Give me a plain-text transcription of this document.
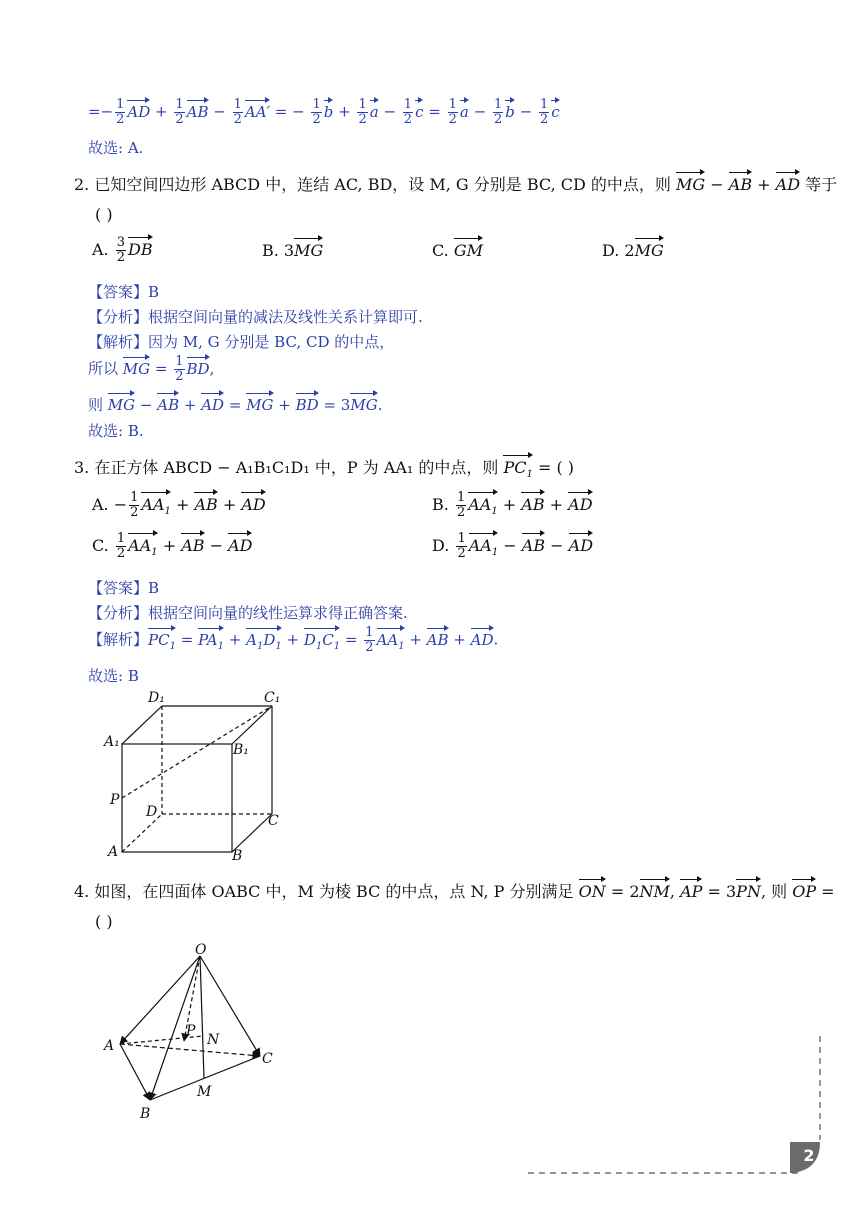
=− $\frac{1}{2}$ AD + $\frac{1}{2}$ AB − $\frac{1}{2} AA'$ = − $\frac{1}{2}$ $b + \frac{1}{2}$ $a - \frac{1}{2}$ $c = \frac{1}{2}$ $a - \frac{1}{2}$ $b - \frac{1}{2}$ c
故选: A.
2. 已知空间四边形 ABCD 中，连结 AC, BD，设 M, G 分别是 BC, CD 的中点，则 MG − AB + AD 等于
( )
A. $\frac{3}{2}$ DB	B. 3MG	C. GM	D. 2MG
【答案】B
【分析】根据空间向量的减法及线性关系计算即可.
【解析】因为 M, G 分别是 BC, CD 的中点，
所以 MG = $\frac{1}{2}$ BD,
则 MG − AB + AD = MG + BD = 3MG.
故选: B.
3. 在正方体 ABCD − A₁B₁C₁D₁ 中，P 为 AA₁ 的中点，则 $PC_1$ = ( )
A. − $\frac{1}{2} AA_1$ + AB + AD	B. $\frac{1}{2} AA_1$ + AB + AD
C. $\frac{1}{2} AA_1$ + AB − AD	D. $\frac{1}{2} AA_1$ − AB − AD
【答案】B
【分析】根据空间向量的线性运算求得正确答案.
【解析】$PC_1 = PA_1 + A_1D_1 + D_1C_1 = \frac{1}{2} AA_1$ + AB + AD.
故选: B
D₁	C₁
A₁	B₁
P
D
C
A	B
4. 如图，在四面体 OABC 中，M 为棱 BC 的中点，点 N, P 分别满足 ON = 2NM, AP = 3PN, 则 OP =
( )
O
A
P
N
C
B
M
2
